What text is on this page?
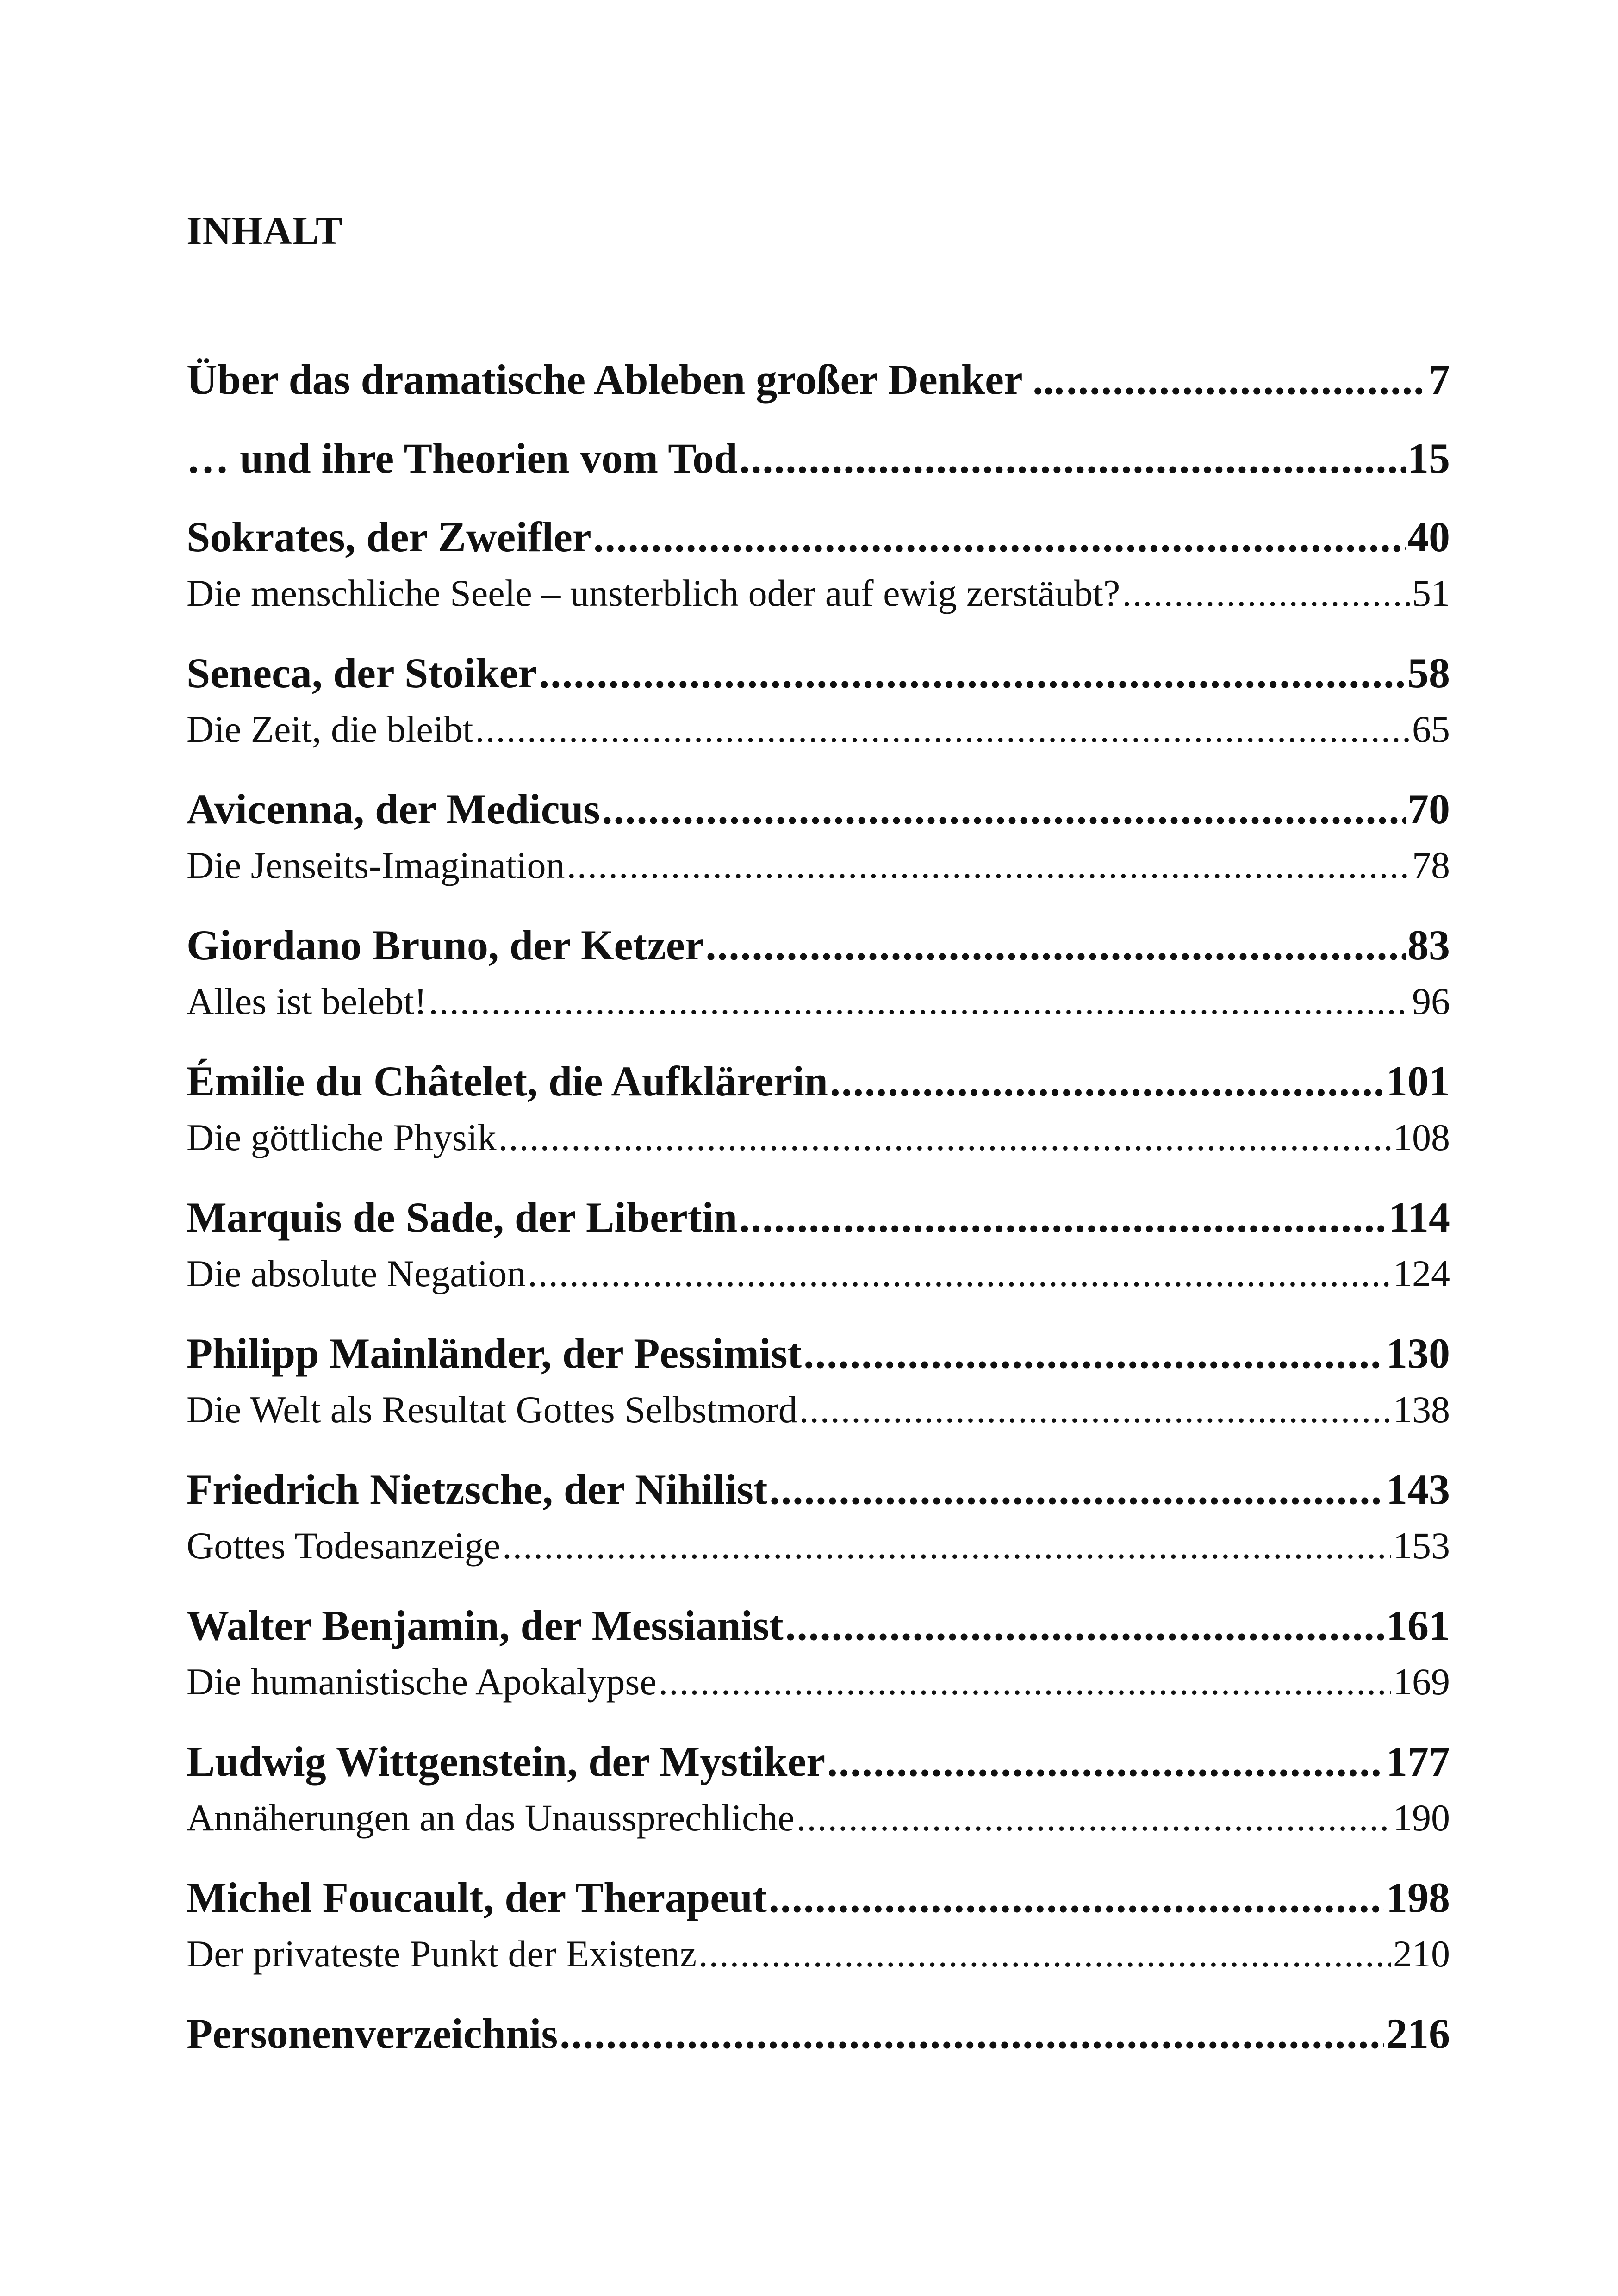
INHALT
Über das dramatische Ableben großer Denker ... .....	7
… und ihre Theorien vom Tod .....	15
Sokrates, der Zweifler .....	40
Die menschliche Seele – unsterblich oder auf ewig zerstäubt? .....	51
Seneca, der Stoiker .....	58
Die Zeit, die bleibt .....	65
Avicenna, der Medicus .....	70
Die Jenseits-Imagination .....	78
Giordano Bruno, der Ketzer .....	83
Alles ist belebt! .....	96
Émilie du Châtelet, die Aufklärerin .....	101
Die göttliche Physik .....	108
Marquis de Sade, der Libertin .....	114
Die absolute Negation .....	124
Philipp Mainländer, der Pessimist .....	130
Die Welt als Resultat Gottes Selbstmord .....	138
Friedrich Nietzsche, der Nihilist .....	143
Gottes Todesanzeige .....	153
Walter Benjamin, der Messianist .....	161
Die humanistische Apokalypse .....	169
Ludwig Wittgenstein, der Mystiker .....	177
Annäherungen an das Unaussprechliche .....	190
Michel Foucault, der Therapeut .....	198
Der privateste Punkt der Existenz .....	210
Personenverzeichnis .....	216
